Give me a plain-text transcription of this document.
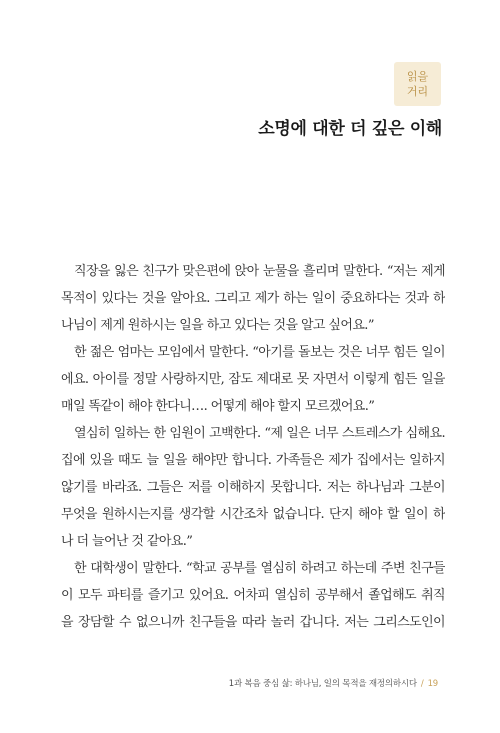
읽을
거리
소명에 대한 더 깊은 이해
직장을 잃은 친구가 맞은편에 앉아 눈물을 흘리며 말한다. “저는 제게
목적이 있다는 것을 알아요. 그리고 제가 하는 일이 중요하다는 것과 하
나님이 제게 원하시는 일을 하고 있다는 것을 알고 싶어요.”
한 젊은 엄마는 모임에서 말한다. “아기를 돌보는 것은 너무 힘든 일이
에요. 아이를 정말 사랑하지만, 잠도 제대로 못 자면서 이렇게 힘든 일을
매일 똑같이 해야 한다니…. 어떻게 해야 할지 모르겠어요.”
열심히 일하는 한 임원이 고백한다. “제 일은 너무 스트레스가 심해요.
집에 있을 때도 늘 일을 해야만 합니다. 가족들은 제가 집에서는 일하지
않기를 바라죠. 그들은 저를 이해하지 못합니다. 저는 하나님과 그분이
무엇을 원하시는지를 생각할 시간조차 없습니다. 단지 해야 할 일이 하
나 더 늘어난 것 같아요.”
한 대학생이 말한다. “학교 공부를 열심히 하려고 하는데 주변 친구들
이 모두 파티를 즐기고 있어요. 어차피 열심히 공부해서 졸업해도 취직
을 장담할 수 없으니까 친구들을 따라 놀러 갑니다. 저는 그리스도인이
1과 복음 중심 삶: 하나님, 일의 목적을 재정의하시다 / 19
